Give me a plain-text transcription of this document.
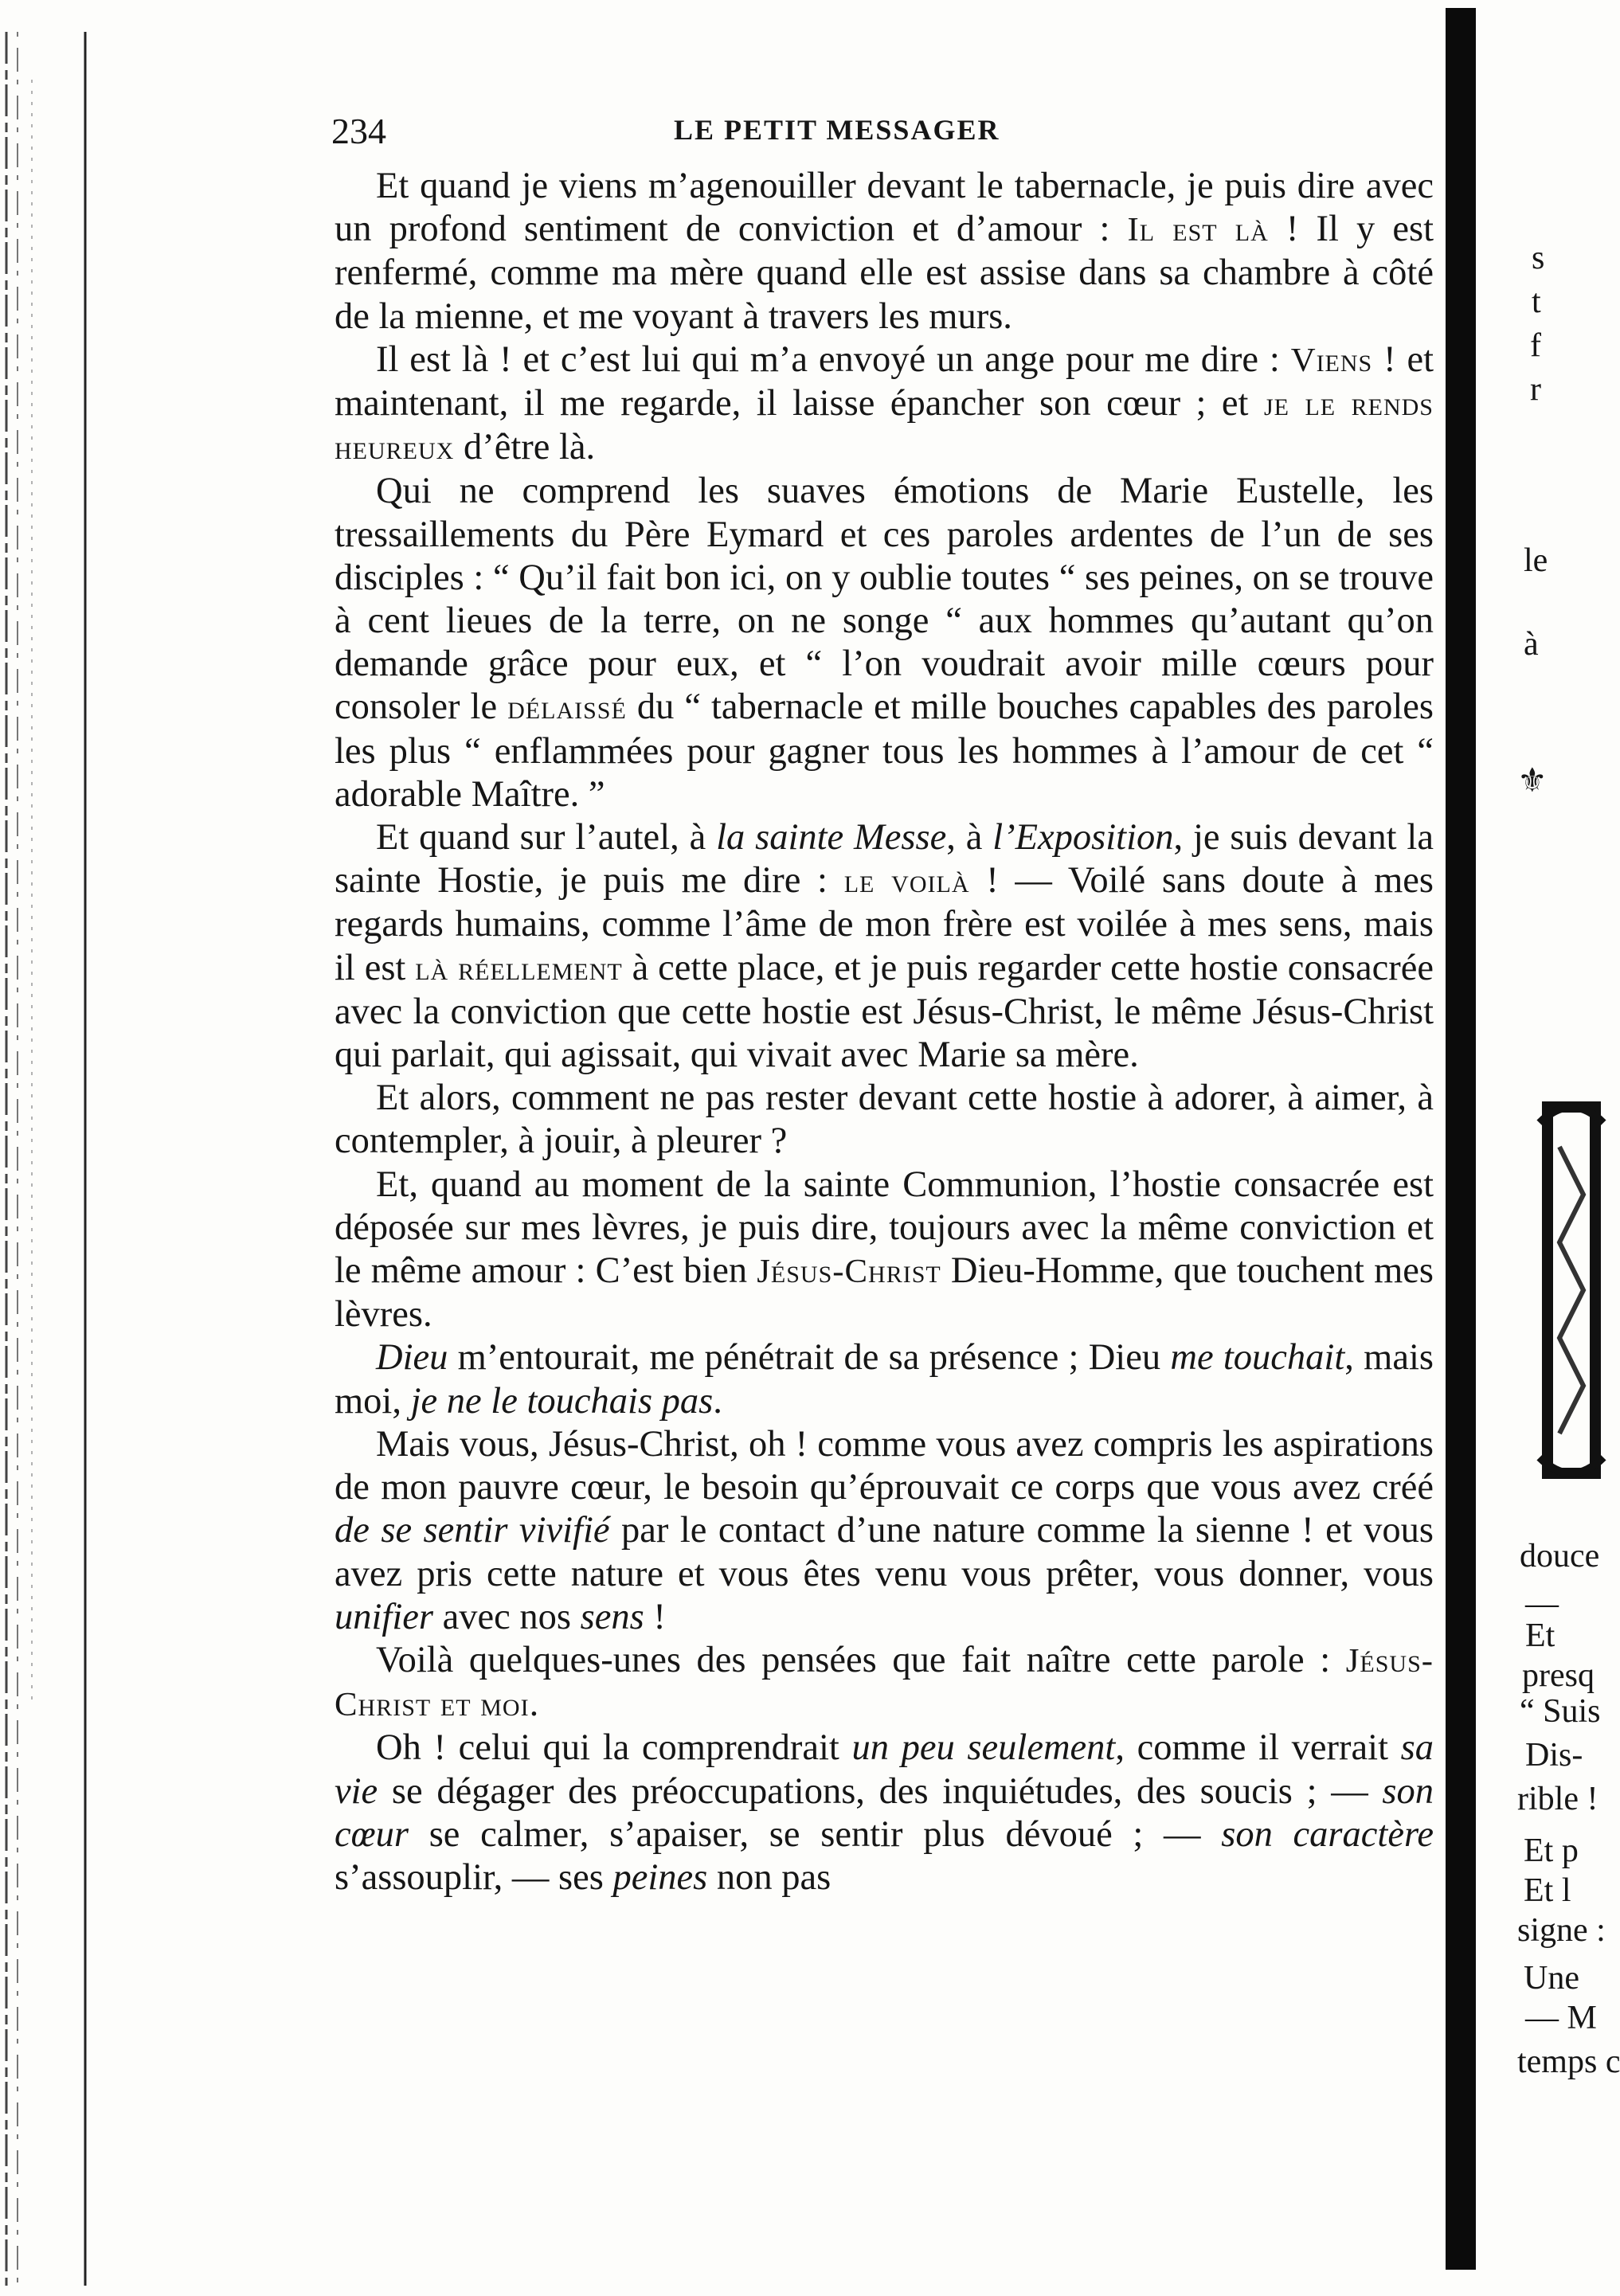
234	LE PETIT MESSAGER

Et quand je viens m’agenouiller devant le tabernacle, je puis dire avec un profond sentiment de conviction et d’amour : Il est là ! Il y est renfermé, comme ma mère quand elle est assise dans sa chambre à côté de la mienne, et me voyant à travers les murs.

Il est là ! et c’est lui qui m’a envoyé un ange pour me dire : Viens ! et maintenant, il me regarde, il laisse épancher son cœur ; et je le rends heureux d’être là.

Qui ne comprend les suaves émotions de Marie Eustelle, les tressaillements du Père Eymard et ces paroles ardentes de l’un de ses disciples : “ Qu’il fait bon ici, on y oublie toutes “ ses peines, on se trouve à cent lieues de la terre, on ne songe “ aux hommes qu’autant qu’on demande grâce pour eux, et “ l’on voudrait avoir mille cœurs pour consoler le délaissé du “ tabernacle et mille bouches capables des paroles les plus “ enflammées pour gagner tous les hommes à l’amour de cet “ adorable Maître. ”

Et quand sur l’autel, à la sainte Messe, à l’Exposition, je suis devant la sainte Hostie, je puis me dire : le voilà ! — Voilé sans doute à mes regards humains, comme l’âme de mon frère est voilée à mes sens, mais il est là réellement à cette place, et je puis regarder cette hostie consacrée avec la conviction que cette hostie est Jésus-Christ, le même Jésus-Christ qui parlait, qui agissait, qui vivait avec Marie sa mère.

Et alors, comment ne pas rester devant cette hostie à adorer, à aimer, à contempler, à jouir, à pleurer ?

Et, quand au moment de la sainte Communion, l’hostie consacrée est déposée sur mes lèvres, je puis dire, toujours avec la même conviction et le même amour : C’est bien Jésus-Christ Dieu-Homme, que touchent mes lèvres.

Dieu m’entourait, me pénétrait de sa présence ; Dieu me touchait, mais moi, je ne le touchais pas.

Mais vous, Jésus-Christ, oh ! comme vous avez compris les aspirations de mon pauvre cœur, le besoin qu’éprouvait ce corps que vous avez créé de se sentir vivifié par le contact d’une nature comme la sienne ! et vous avez pris cette nature et vous êtes venu vous prêter, vous donner, vous unifier avec nos sens !

Voilà quelques-unes des pensées que fait naître cette parole : Jésus-Christ et moi.

Oh ! celui qui la comprendrait un peu seulement, comme il verrait sa vie se dégager des préoccupations, des inquiétudes, des soucis ; — son cœur se calmer, s’apaiser, se sentir plus dévoué ; — son caractère s’assouplir, — ses peines non pas

s
t
f
r
le
à
⚜
douce
—
Et
presq
“ Suis
Dis-
rible !
Et p
Et l
signe :
Une
— M
temps c
